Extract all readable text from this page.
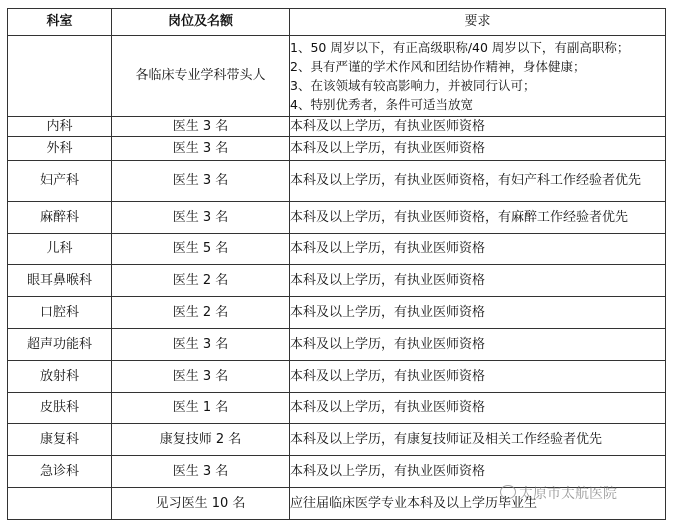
科室	岗位及名额	要求
	各临床专业学科带头人	1、50 周岁以下，有正高级职称/40 周岁以下，有副高职称；
2、具有严谨的学术作风和团结协作精神，身体健康；
3、在该领域有较高影响力，并被同行认可；
4、特别优秀者，条件可适当放宽

内科	医生 3 名	本科及以上学历，有执业医师资格
外科	医生 3 名	本科及以上学历，有执业医师资格
妇产科	医生 3 名	本科及以上学历，有执业医师资格，有妇产科工作经验者优先
麻醉科	医生 3 名	本科及以上学历，有执业医师资格，有麻醉工作经验者优先
儿科	医生 5 名	本科及以上学历，有执业医师资格
眼耳鼻喉科	医生 2 名	本科及以上学历，有执业医师资格
口腔科	医生 2 名	本科及以上学历，有执业医师资格
超声功能科	医生 3 名	本科及以上学历，有执业医师资格
放射科	医生 3 名	本科及以上学历，有执业医师资格
皮肤科	医生 1 名	本科及以上学历，有执业医师资格
康复科	康复技师 2 名	本科及以上学历，有康复技师证及相关工作经验者优先
急诊科	医生 3 名	本科及以上学历，有执业医师资格
	见习医生 10 名	应往届临床医学专业本科及以上学历毕业生
太原市太航医院
